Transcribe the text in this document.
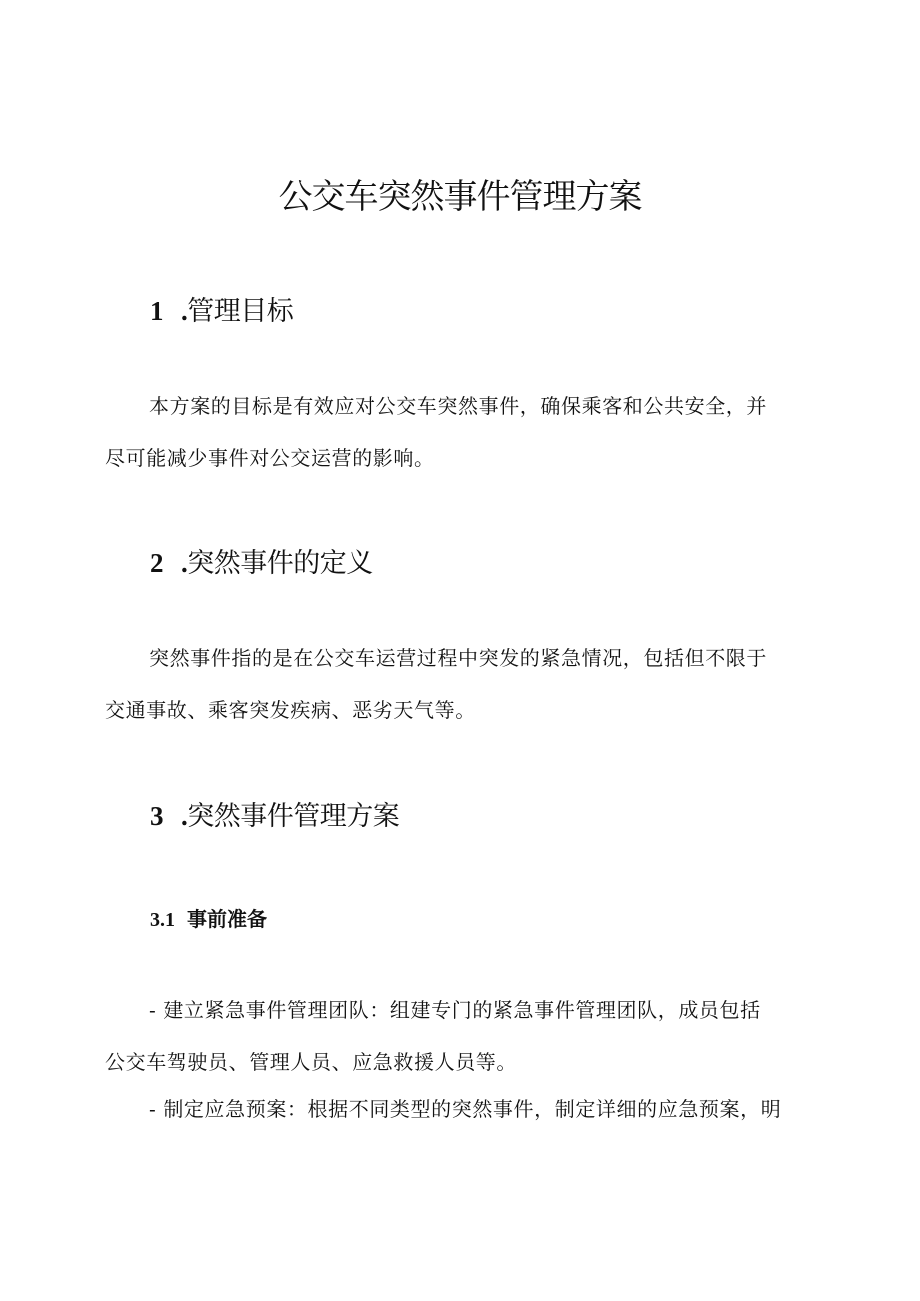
公交车突然事件管理方案
1 .管理目标
本方案的目标是有效应对公交车突然事件，确保乘客和公共安全，并
尽可能减少事件对公交运营的影响。
2 .突然事件的定义
突然事件指的是在公交车运营过程中突发的紧急情况，包括但不限于
交通事故、乘客突发疾病、恶劣天气等。
3 .突然事件管理方案
3.1 事前准备
- 建立紧急事件管理团队：组建专门的紧急事件管理团队，成员包括
公交车驾驶员、管理人员、应急救援人员等。
- 制定应急预案：根据不同类型的突然事件，制定详细的应急预案，明
